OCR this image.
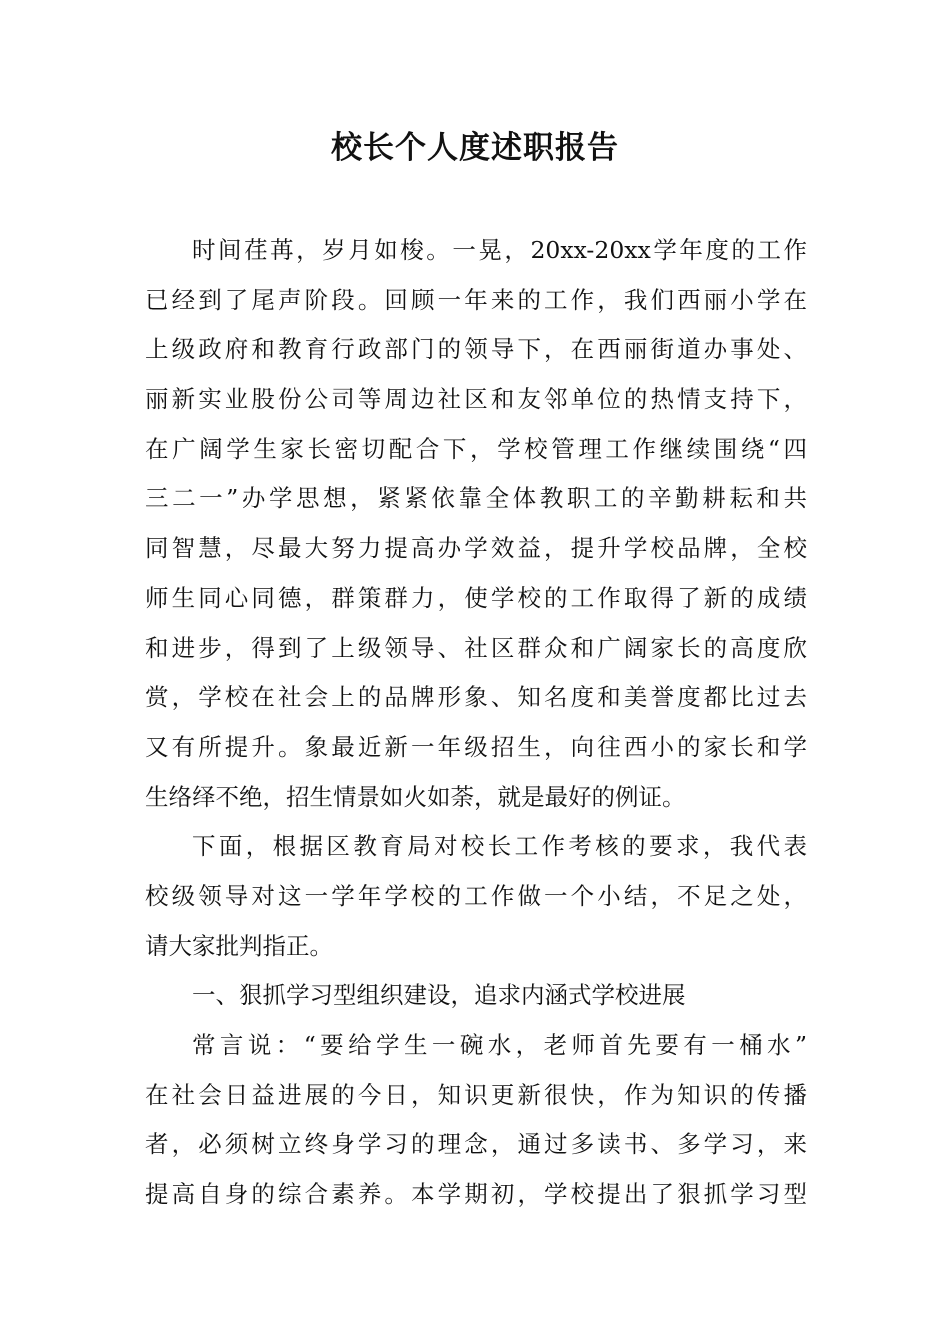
校长个人度述职报告
时间荏苒，岁月如梭。一晃，20xx-20xx学年度的工作
已经到了尾声阶段。回顾一年来的工作，我们西丽小学在
上级政府和教育行政部门的领导下，在西丽街道办事处、
丽新实业股份公司等周边社区和友邻单位的热情支持下，
在广阔学生家长密切配合下，学校管理工作继续围绕“四
三二一”办学思想，紧紧依靠全体教职工的辛勤耕耘和共
同智慧，尽最大努力提高办学效益，提升学校品牌，全校
师生同心同德，群策群力，使学校的工作取得了新的成绩
和进步，得到了上级领导、社区群众和广阔家长的高度欣
赏，学校在社会上的品牌形象、知名度和美誉度都比过去
又有所提升。象最近新一年级招生，向往西小的家长和学
生络绎不绝，招生情景如火如荼，就是最好的例证。
下面，根据区教育局对校长工作考核的要求，我代表
校级领导对这一学年学校的工作做一个小结，不足之处，
请大家批判指正。
一、狠抓学习型组织建设，追求内涵式学校进展
常言说：“要给学生一碗水，老师首先要有一桶水”
在社会日益进展的今日，知识更新很快，作为知识的传播
者，必须树立终身学习的理念，通过多读书、多学习，来
提高自身的综合素养。本学期初，学校提出了狠抓学习型
